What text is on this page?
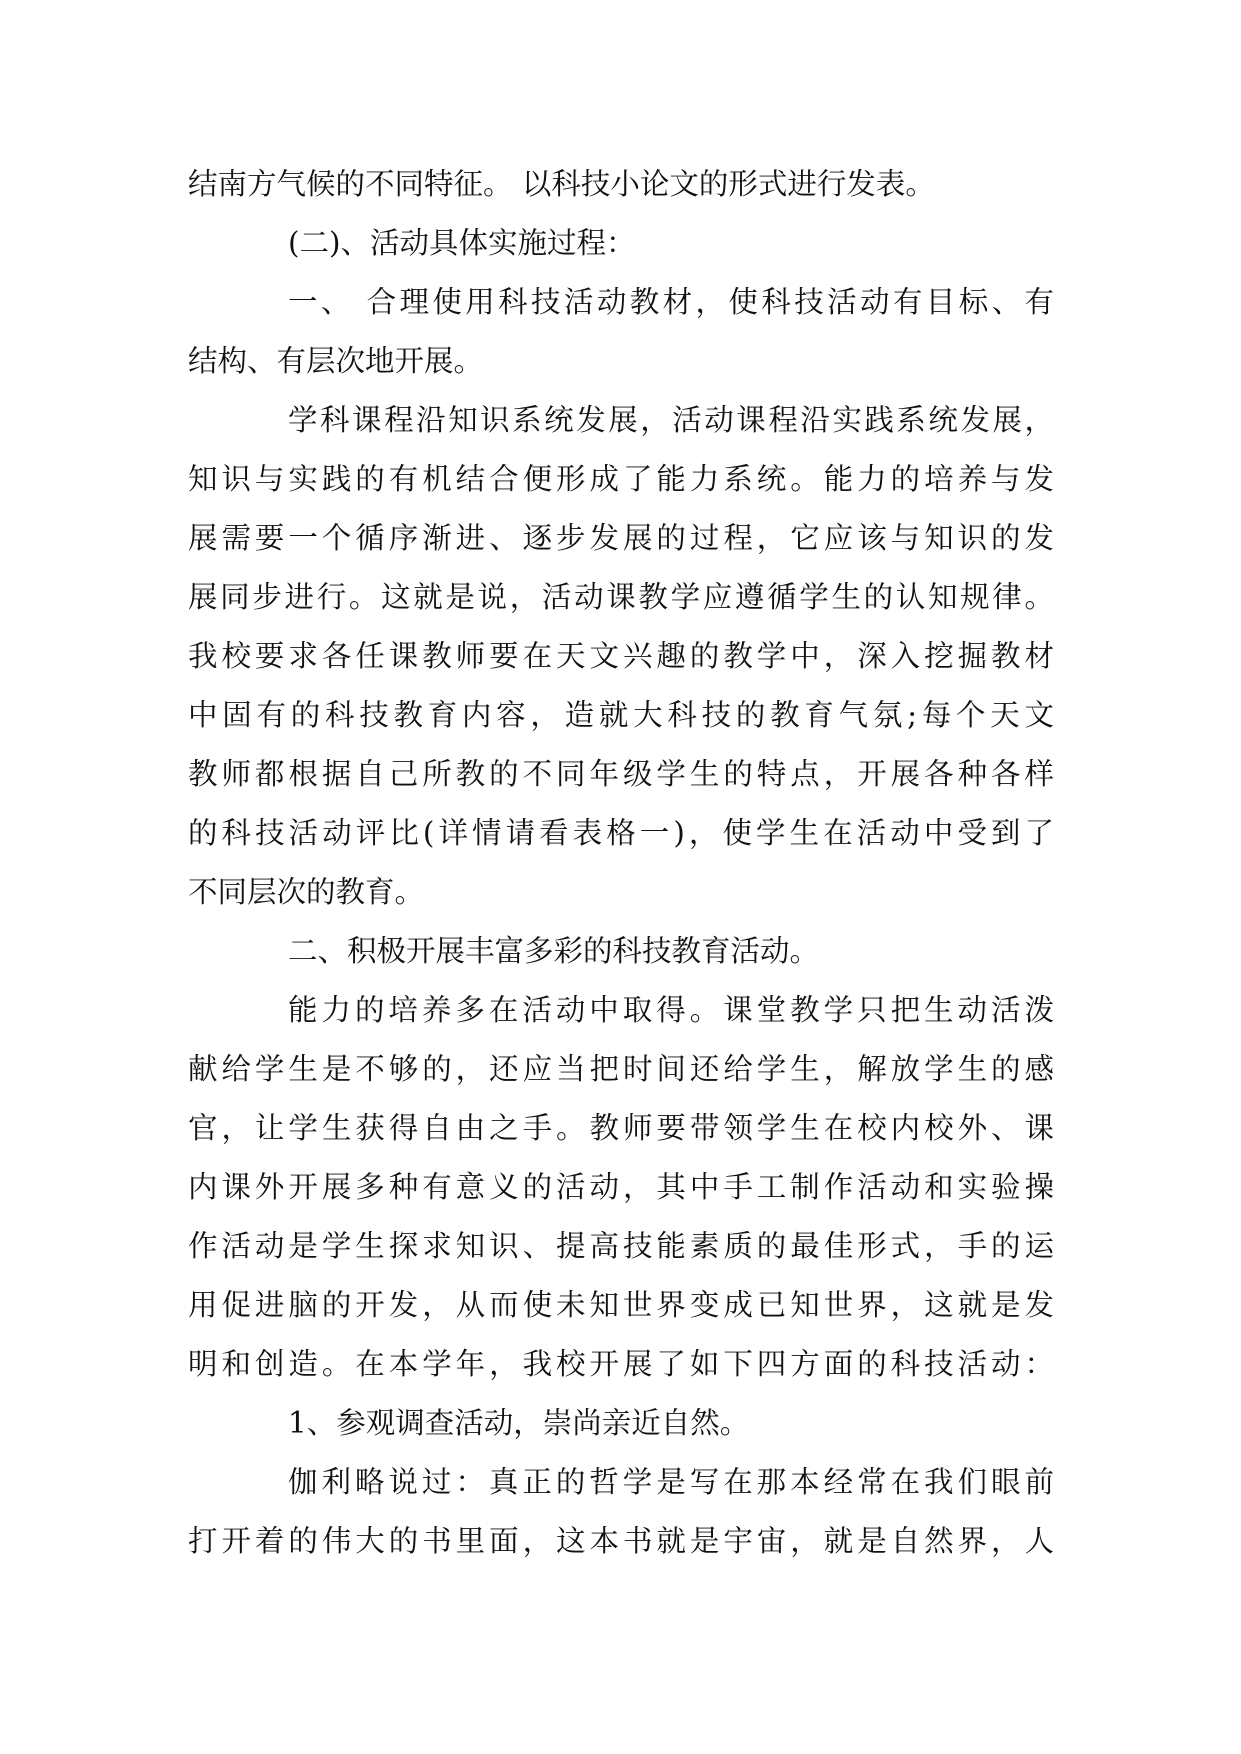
结南方气候的不同特征。 以科技小论文的形式进行发表。
(二)、活动具体实施过程：
一、 合理使用科技活动教材，使科技活动有目标、有
结构、有层次地开展。
学科课程沿知识系统发展，活动课程沿实践系统发展，
知识与实践的有机结合便形成了能力系统。能力的培养与发
展需要一个循序渐进、逐步发展的过程，它应该与知识的发
展同步进行。这就是说，活动课教学应遵循学生的认知规律。
我校要求各任课教师要在天文兴趣的教学中，深入挖掘教材
中固有的科技教育内容，造就大科技的教育气氛;每个天文
教师都根据自己所教的不同年级学生的特点，开展各种各样
的科技活动评比(详情请看表格一)，使学生在活动中受到了
不同层次的教育。
二、积极开展丰富多彩的科技教育活动。
能力的培养多在活动中取得。课堂教学只把生动活泼
献给学生是不够的，还应当把时间还给学生，解放学生的感
官，让学生获得自由之手。教师要带领学生在校内校外、课
内课外开展多种有意义的活动，其中手工制作活动和实验操
作活动是学生探求知识、提高技能素质的最佳形式，手的运
用促进脑的开发，从而使未知世界变成已知世界，这就是发
明和创造。在本学年，我校开展了如下四方面的科技活动：
1、参观调查活动，崇尚亲近自然。
伽利略说过：真正的哲学是写在那本经常在我们眼前
打开着的伟大的书里面，这本书就是宇宙，就是自然界，人
